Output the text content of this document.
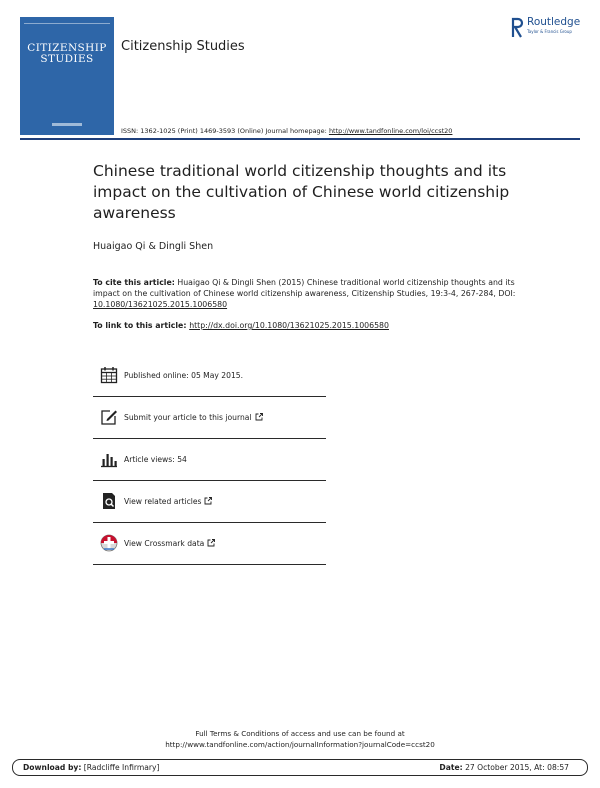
CITIZENSHIP
STUDIES
Citizenship Studies
Routledge
Taylor & Francis Group
ISSN: 1362-1025 (Print) 1469-3593 (Online) Journal homepage: http://www.tandfonline.com/loi/ccst20
Chinese traditional world citizenship thoughts and its impact on the cultivation of Chinese world citizenship awareness
Huaigao Qi & Dingli Shen
To cite this article: Huaigao Qi & Dingli Shen (2015) Chinese traditional world citizenship thoughts and its impact on the cultivation of Chinese world citizenship awareness, Citizenship Studies, 19:3-4, 267-284, DOI: 10.1080/13621025.2015.1006580
To link to this article: http://dx.doi.org/10.1080/13621025.2015.1006580
Published online: 05 May 2015.
Submit your article to this journal
Article views: 54
View related articles
View Crossmark data
Full Terms & Conditions of access and use can be found at
http://www.tandfonline.com/action/journalInformation?journalCode=ccst20
Download by: [Radcliffe Infirmary]	Date: 27 October 2015, At: 08:57
